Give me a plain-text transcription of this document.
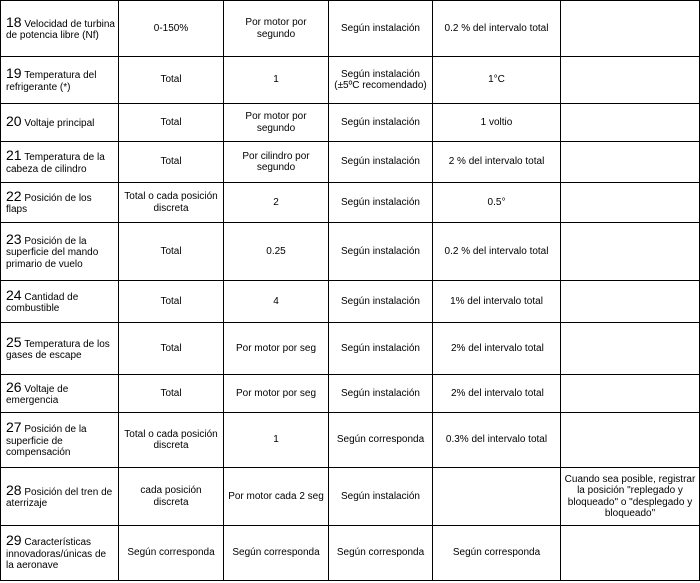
18 Velocidad de turbina de potencia libre (Nf)	0-150%	Por motor por segundo	Según instalación	0.2 % del intervalo total	
19 Temperatura del refrigerante (*)	Total	1	Según instalación (±5ºC recomendado)	1°C	
20 Voltaje principal	Total	Por motor por segundo	Según instalación	1 voltio	
21 Temperatura de la cabeza de cilindro	Total	Por cilindro por segundo	Según instalación	2 % del intervalo total	
22 Posición de los flaps	Total o cada posición discreta	2	Según instalación	0.5°	
23 Posición de la superficie del mando primario de vuelo	Total	0.25	Según instalación	0.2 % del intervalo total	
24 Cantidad de combustible	Total	4	Según instalación	1% del intervalo total	
25 Temperatura de los gases de escape	Total	Por motor por seg	Según instalación	2% del intervalo total	
26 Voltaje de emergencia	Total	Por motor por seg	Según instalación	2% del intervalo total	
27 Posición de la superficie de compensación	Total o cada posición discreta	1	Según corresponda	0.3% del intervalo total	
28 Posición del tren de aterrizaje	cada posición discreta	Por motor cada 2 seg	Según instalación		Cuando sea posible, registrar la posición "replegado y bloqueado" o "desplegado y bloqueado"
29 Características innovadoras/únicas de la aeronave	Según corresponda	Según corresponda	Según corresponda	Según corresponda	
